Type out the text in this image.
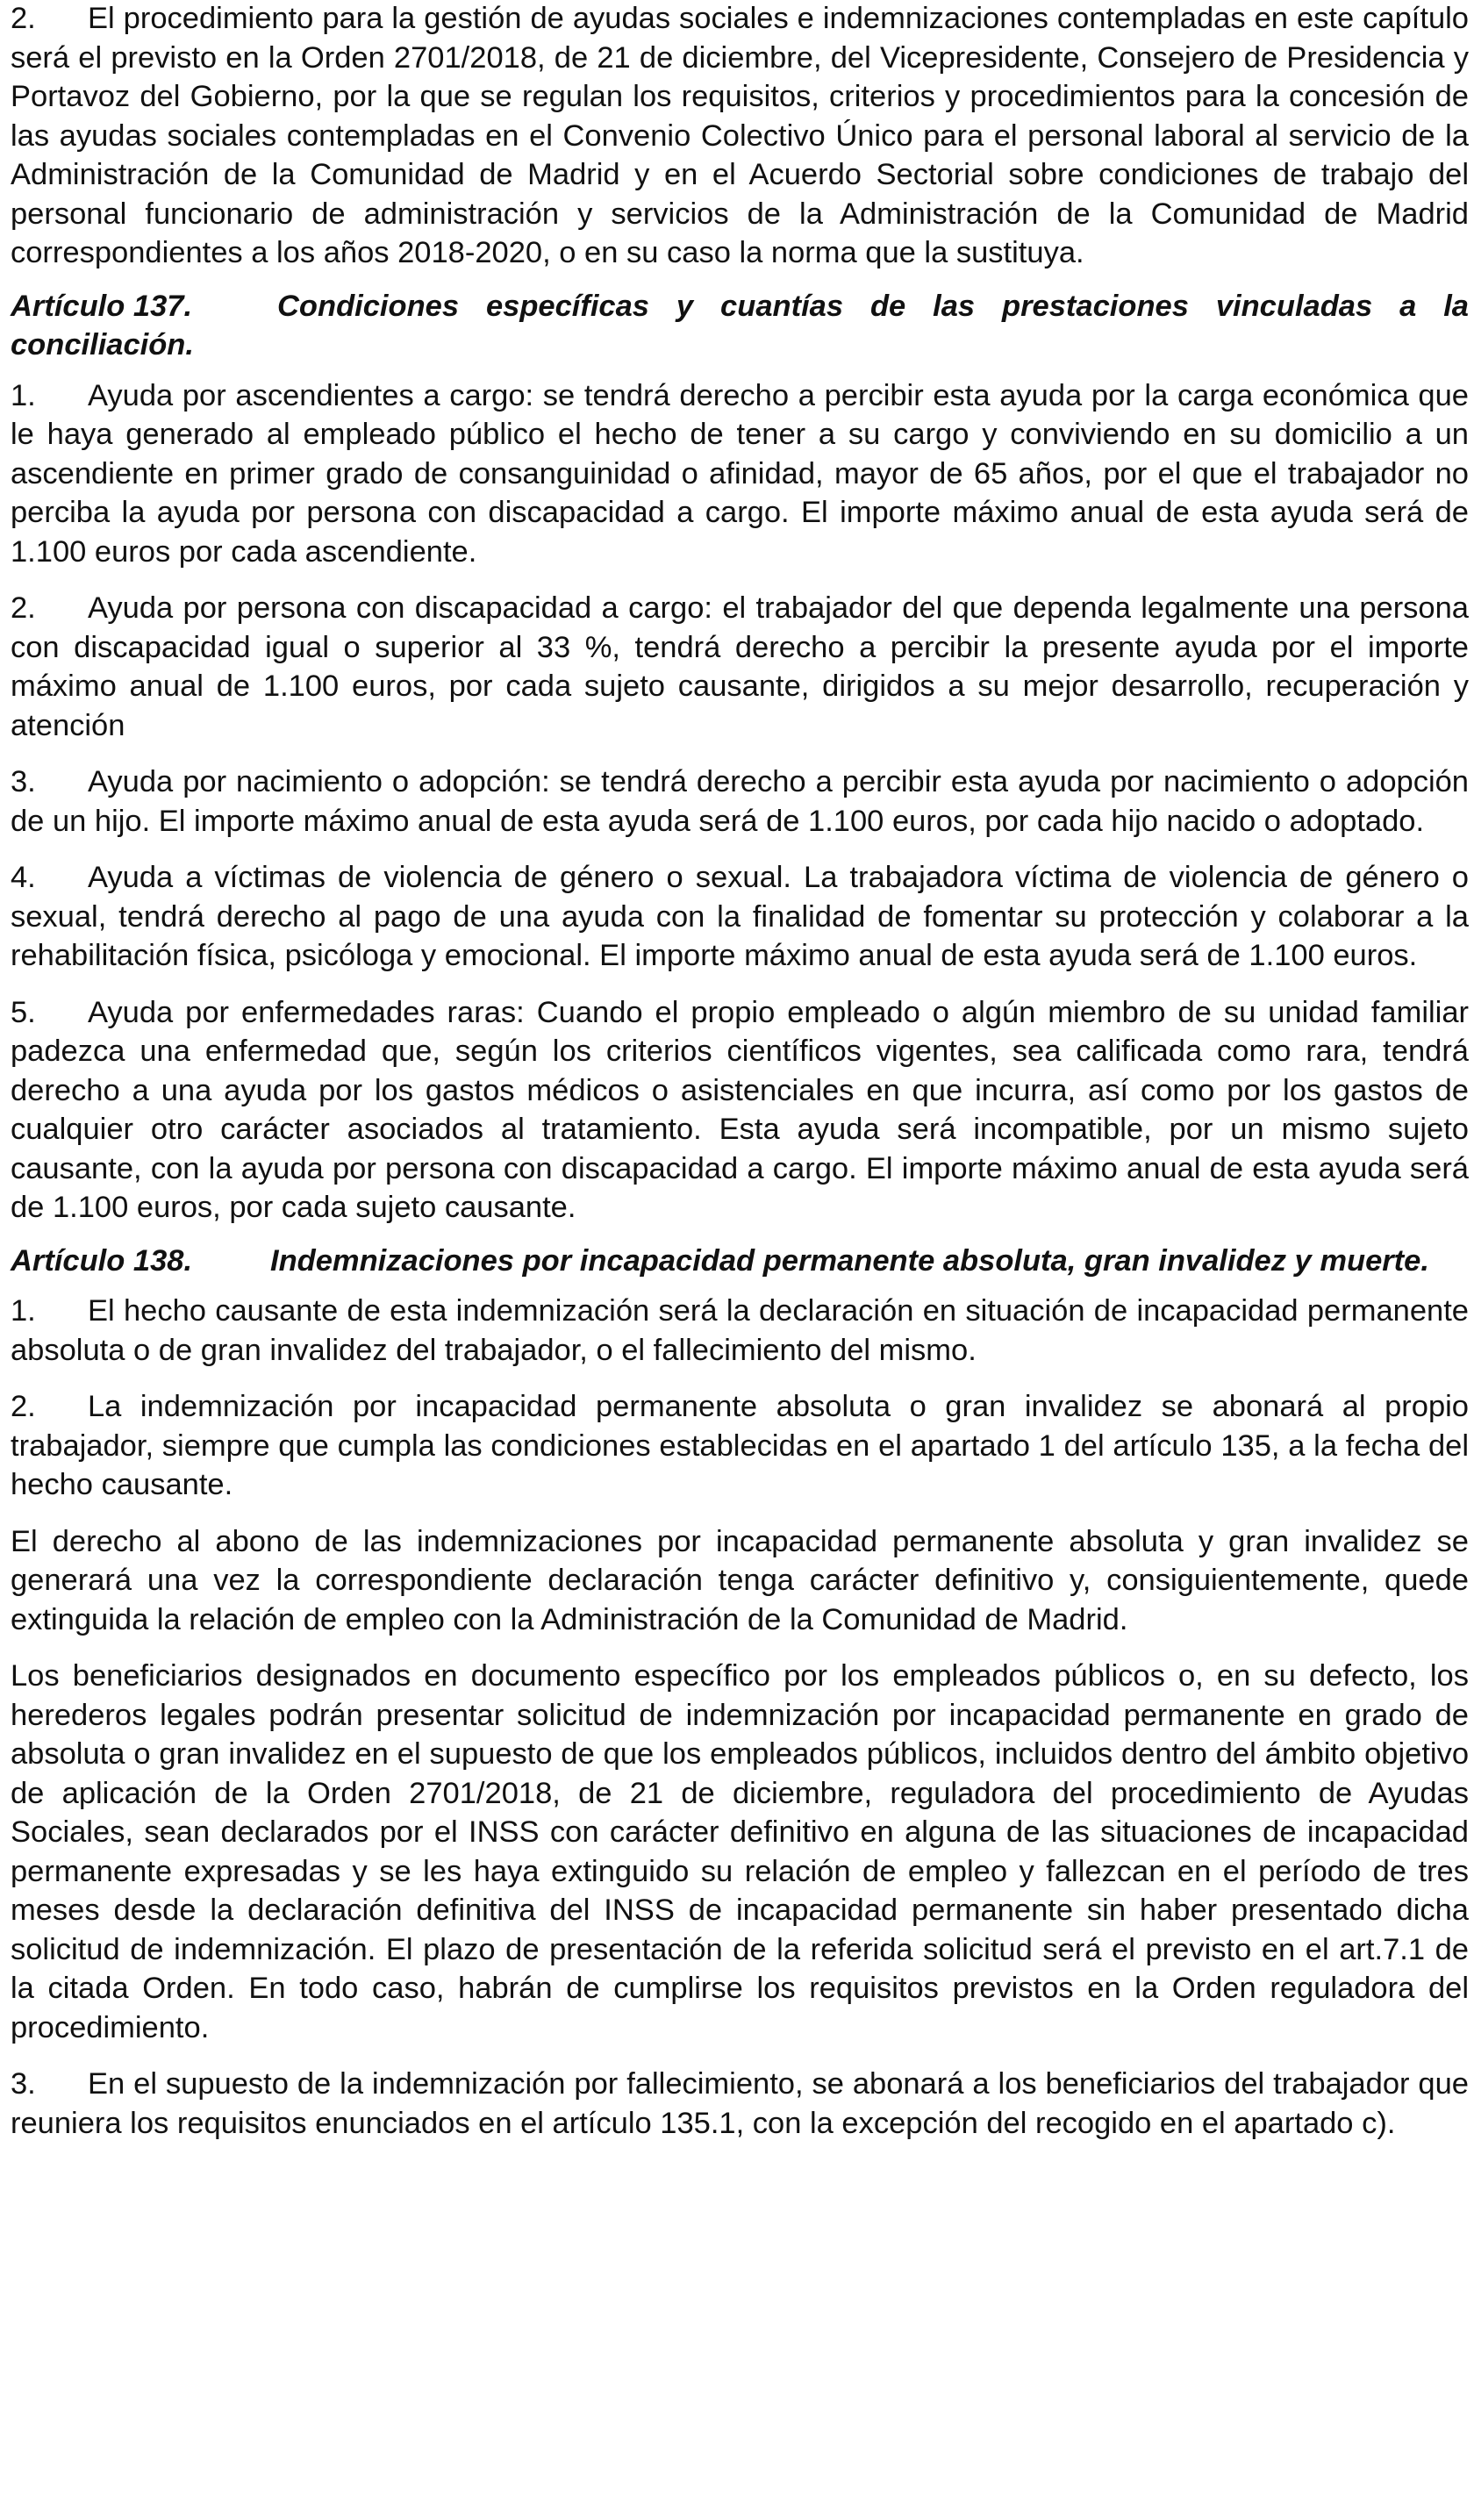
2. El procedimiento para la gestión de ayudas sociales e indemnizaciones contempladas en este capítulo será el previsto en la Orden 2701/2018, de 21 de diciembre, del Vicepresidente, Consejero de Presidencia y Portavoz del Gobierno, por la que se regulan los requisitos, criterios y procedimientos para la concesión de las ayudas sociales contempladas en el Convenio Colectivo Único para el personal laboral al servicio de la Administración de la Comunidad de Madrid y en el Acuerdo Sectorial sobre condiciones de trabajo del personal funcionario de administración y servicios de la Administración de la Comunidad de Madrid correspondientes a los años 2018-2020, o en su caso la norma que la sustituya.

Artículo 137.	Condiciones específicas y cuantías de las prestaciones vinculadas a la conciliación.

1. Ayuda por ascendientes a cargo: se tendrá derecho a percibir esta ayuda por la carga económica que le haya generado al empleado público el hecho de tener a su cargo y conviviendo en su domicilio a un ascendiente en primer grado de consanguinidad o afinidad, mayor de 65 años, por el que el trabajador no perciba la ayuda por persona con discapacidad a cargo. El importe máximo anual de esta ayuda será de 1.100 euros por cada ascendiente.

2. Ayuda por persona con discapacidad a cargo: el trabajador del que dependa legalmente una persona con discapacidad igual o superior al 33 %, tendrá derecho a percibir la presente ayuda por el importe máximo anual de 1.100 euros, por cada sujeto causante, dirigidos a su mejor desarrollo, recuperación y atención

3. Ayuda por nacimiento o adopción: se tendrá derecho a percibir esta ayuda por nacimiento o adopción de un hijo. El importe máximo anual de esta ayuda será de 1.100 euros, por cada hijo nacido o adoptado.

4. Ayuda a víctimas de violencia de género o sexual. La trabajadora víctima de violencia de género o sexual, tendrá derecho al pago de una ayuda con la finalidad de fomentar su protección y colaborar a la rehabilitación física, psicóloga y emocional. El importe máximo anual de esta ayuda será de 1.100 euros.

5. Ayuda por enfermedades raras: Cuando el propio empleado o algún miembro de su unidad familiar padezca una enfermedad que, según los criterios científicos vigentes, sea calificada como rara, tendrá derecho a una ayuda por los gastos médicos o asistenciales en que incurra, así como por los gastos de cualquier otro carácter asociados al tratamiento. Esta ayuda será incompatible, por un mismo sujeto causante, con la ayuda por persona con discapacidad a cargo. El importe máximo anual de esta ayuda será de 1.100 euros, por cada sujeto causante.

Artículo 138.	Indemnizaciones por incapacidad permanente absoluta, gran invalidez y muerte.

1. El hecho causante de esta indemnización será la declaración en situación de incapacidad permanente absoluta o de gran invalidez del trabajador, o el fallecimiento del mismo.

2. La indemnización por incapacidad permanente absoluta o gran invalidez se abonará al propio trabajador, siempre que cumpla las condiciones establecidas en el apartado 1 del artículo 135, a la fecha del hecho causante.

El derecho al abono de las indemnizaciones por incapacidad permanente absoluta y gran invalidez se generará una vez la correspondiente declaración tenga carácter definitivo y, consiguientemente, quede extinguida la relación de empleo con la Administración de la Comunidad de Madrid.

Los beneficiarios designados en documento específico por los empleados públicos o, en su defecto, los herederos legales podrán presentar solicitud de indemnización por incapacidad permanente en grado de absoluta o gran invalidez en el supuesto de que los empleados públicos, incluidos dentro del ámbito objetivo de aplicación de la Orden 2701/2018, de 21 de diciembre, reguladora del procedimiento de Ayudas Sociales, sean declarados por el INSS con carácter definitivo en alguna de las situaciones de incapacidad permanente expresadas y se les haya extinguido su relación de empleo y fallezcan en el período de tres meses desde la declaración definitiva del INSS de incapacidad permanente sin haber presentado dicha solicitud de indemnización. El plazo de presentación de la referida solicitud será el previsto en el art.7.1 de la citada Orden. En todo caso, habrán de cumplirse los requisitos previstos en la Orden reguladora del procedimiento.

3. En el supuesto de la indemnización por fallecimiento, se abonará a los beneficiarios del trabajador que reuniera los requisitos enunciados en el artículo 135.1, con la excepción del recogido en el apartado c).
